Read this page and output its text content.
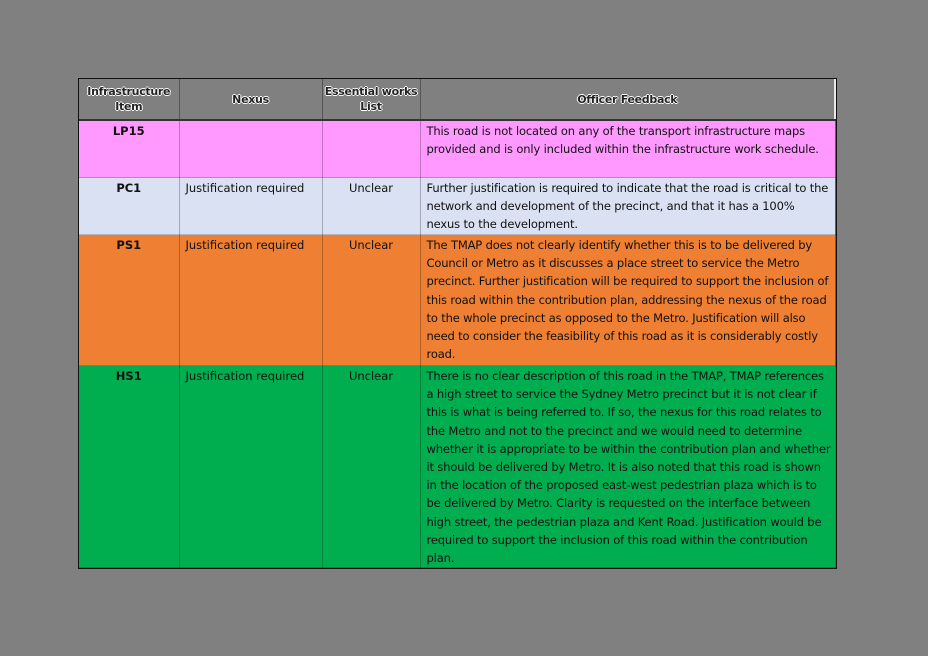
Infrastructure Item	Nexus	Essential works List	Officer Feedback
LP15			This road is not located on any of the transport infrastructure maps provided and is only included within the infrastructure work schedule.
PC1	Justification required	Unclear	Further justification is required to indicate that the road is critical to the network and development of the precinct, and that it has a 100% nexus to the development.
PS1	Justification required	Unclear	The TMAP does not clearly identify whether this is to be delivered by Council or Metro as it discusses a place street to service the Metro precinct. Further justification will be required to support the inclusion of this road within the contribution plan, addressing the nexus of the road to the whole precinct as opposed to the Metro. Justification will also need to consider the feasibility of this road as it is considerably costly road.
HS1	Justification required	Unclear	There is no clear description of this road in the TMAP, TMAP references a high street to service the Sydney Metro precinct but it is not clear if this is what is being referred to. If so, the nexus for this road relates to the Metro and not to the precinct and we would need to determine whether it is appropriate to be within the contribution plan and whether it should be delivered by Metro. It is also noted that this road is shown in the location of the proposed east-west pedestrian plaza which is to be delivered by Metro. Clarity is requested on the interface between high street, the pedestrian plaza and Kent Road. Justification would be required to support the inclusion of this road within the contribution plan.
